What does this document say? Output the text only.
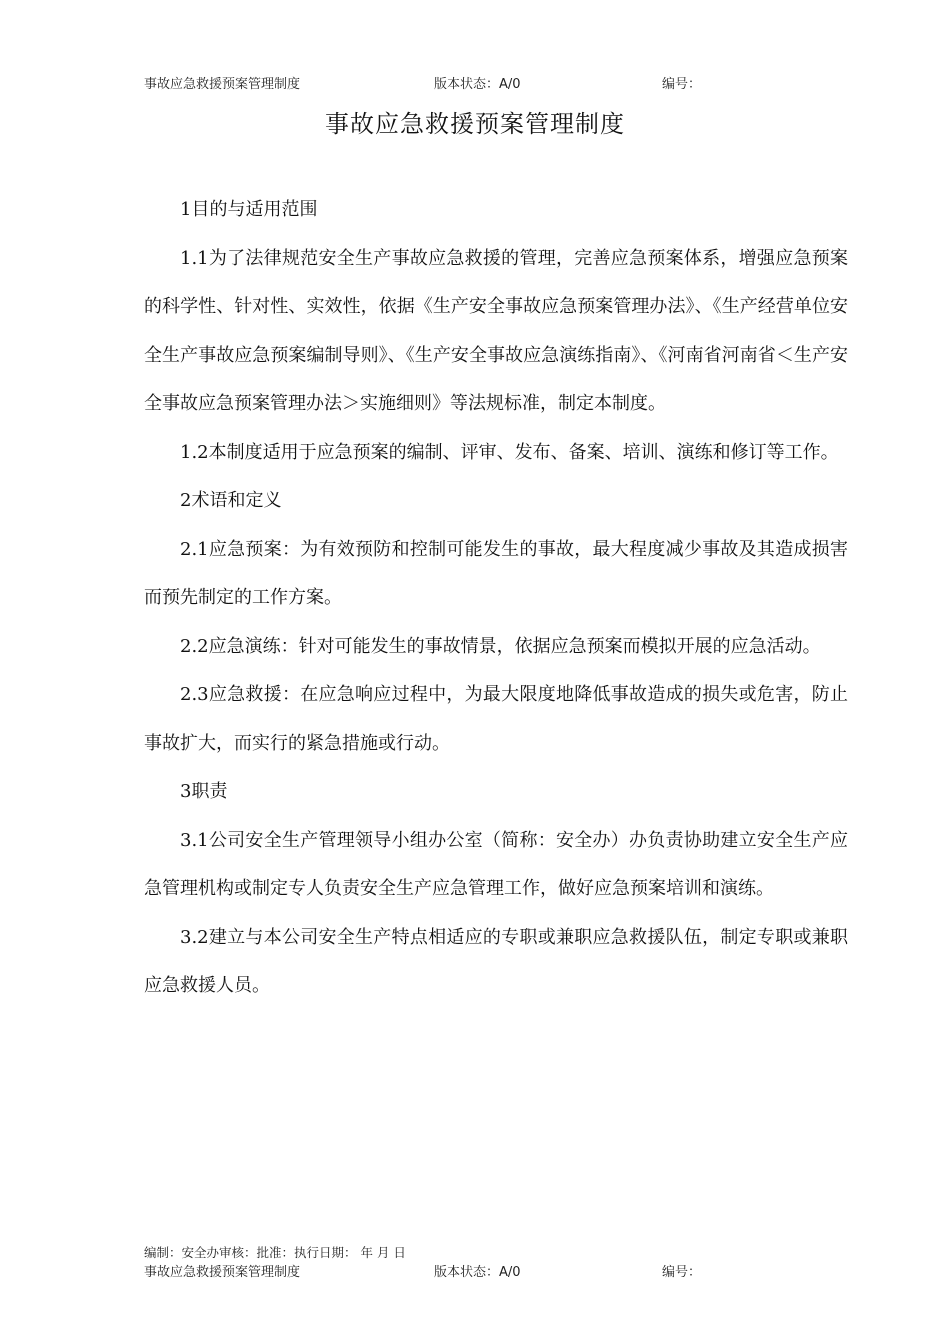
事故应急救援预案管理制度	版本状态：A/0	编号：
事故应急救援预案管理制度

1目的与适用范围

1.1为了法律规范安全生产事故应急救援的管理，完善应急预案体系，增强应急预案的科学性、针对性、实效性，依据《生产安全事故应急预案管理办法》、《生产经营单位安全生产事故应急预案编制导则》、《生产安全事故应急演练指南》、《河南省河南省＜生产安全事故应急预案管理办法＞实施细则》等法规标准，制定本制度。

1.2本制度适用于应急预案的编制、评审、发布、备案、培训、演练和修订等工作。

2术语和定义

2.1应急预案：为有效预防和控制可能发生的事故，最大程度减少事故及其造成损害而预先制定的工作方案。

2.2应急演练：针对可能发生的事故情景，依据应急预案而模拟开展的应急活动。

2.3应急救援：在应急响应过程中，为最大限度地降低事故造成的损失或危害，防止事故扩大，而实行的紧急措施或行动。

3职责

3.1公司安全生产管理领导小组办公室（简称：安全办）办负责协助建立安全生产应急管理机构或制定专人负责安全生产应急管理工作，做好应急预案培训和演练。

3.2建立与本公司安全生产特点相适应的专职或兼职应急救援队伍，制定专职或兼职应急救援人员。

编制：安全办审核：批准：执行日期： 年 月 日
事故应急救援预案管理制度	版本状态：A/0	编号：
